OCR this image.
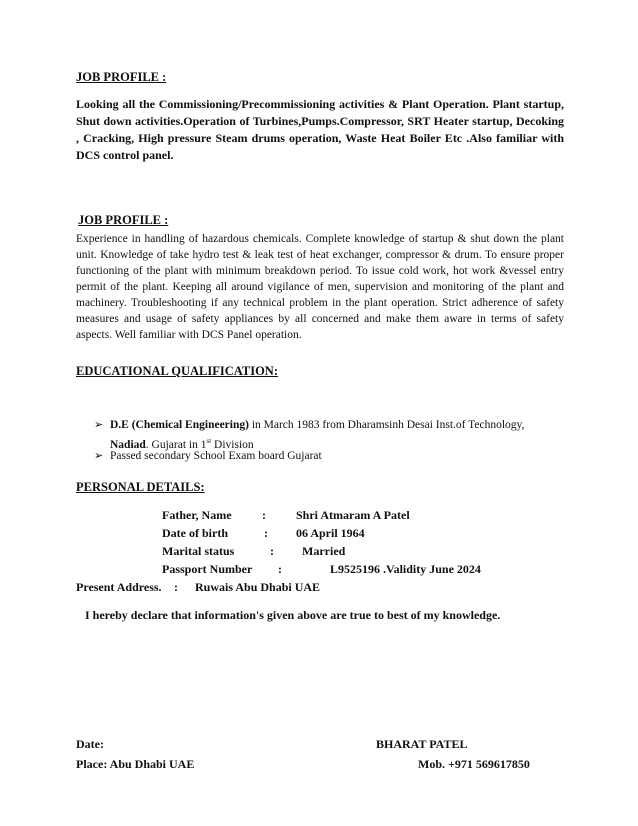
JOB PROFILE :
Looking all the Commissioning/Precommissioning activities & Plant Operation. Plant startup, Shut down activities.Operation of Turbines,Pumps.Compressor, SRT Heater startup, Decoking , Cracking, High pressure Steam drums operation, Waste Heat Boiler Etc .Also familiar with DCS control panel.
JOB PROFILE :
Experience in handling of hazardous chemicals. Complete knowledge of startup & shut down the plant unit. Knowledge of take hydro test & leak test of heat exchanger, compressor & drum. To ensure proper functioning of the plant with minimum breakdown period. To issue cold work, hot work &vessel entry permit of the plant. Keeping all around vigilance of men, supervision and monitoring of the plant and machinery. Troubleshooting if any technical problem in the plant operation. Strict adherence of safety measures and usage of safety appliances by all concerned and make them aware in terms of safety aspects. Well familiar with DCS Panel operation.
EDUCATIONAL QUALIFICATION:
➢ D.E (Chemical Engineering) in March 1983 from Dharamsinh Desai Inst.of Technology,
Nadiad. Gujarat in 1st Division
➢ Passed secondary School Exam board Gujarat
PERSONAL DETAILS:
Father, Name	:	Shri Atmaram A Patel
Date of birth	: 06 April 1964
Marital status	: Married
Passport Number :	L9525196 .Validity June 2024
Present Address. : Ruwais Abu Dhabi UAE
I hereby declare that information's given above are true to best of my knowledge.
Date:	BHARAT PATEL
Place: Abu Dhabi UAE	Mob. +971 569617850
